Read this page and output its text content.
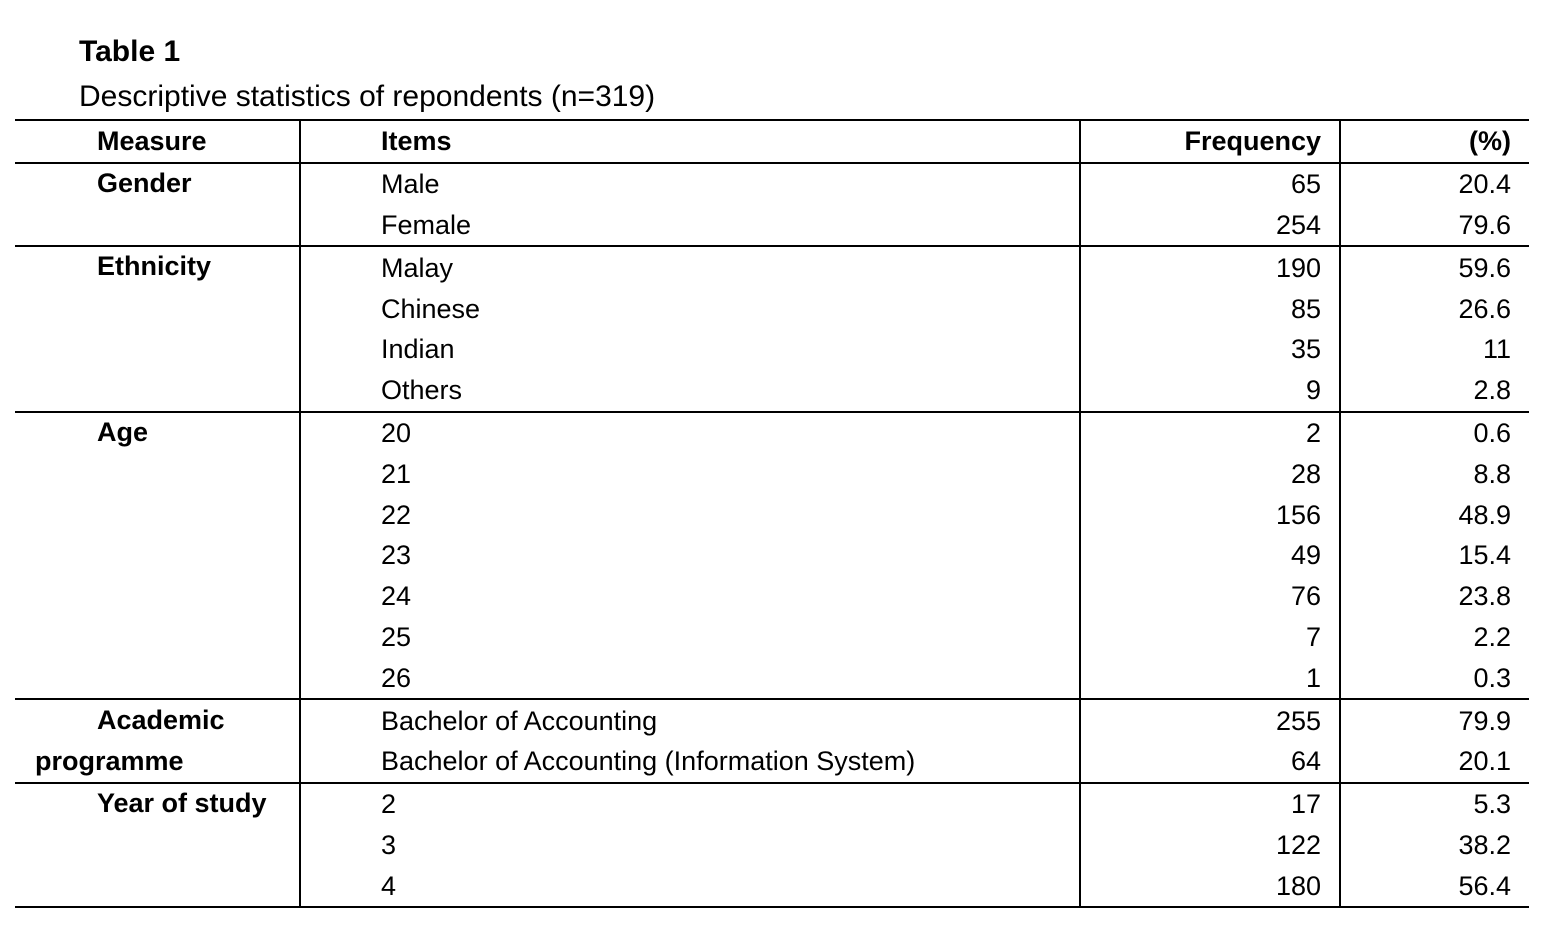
Table 1
Descriptive statistics of repondents (n=319)
Measure	Items	Frequency	(%)
Gender	Male	65	20.4
	Female	254	79.6
Ethnicity	Malay	190	59.6
	Chinese	85	26.6
	Indian	35	11
	Others	9	2.8
Age	20	2	0.6
	21	28	8.8
	22	156	48.9
	23	49	15.4
	24	76	23.8
	25	7	2.2
	26	1	0.3

Academic
programme	Bachelor of Accounting	255	79.9
	Bachelor of Accounting (Information System)	64	20.1
Year of study	2	17	5.3
	3	122	38.2
	4	180	56.4
